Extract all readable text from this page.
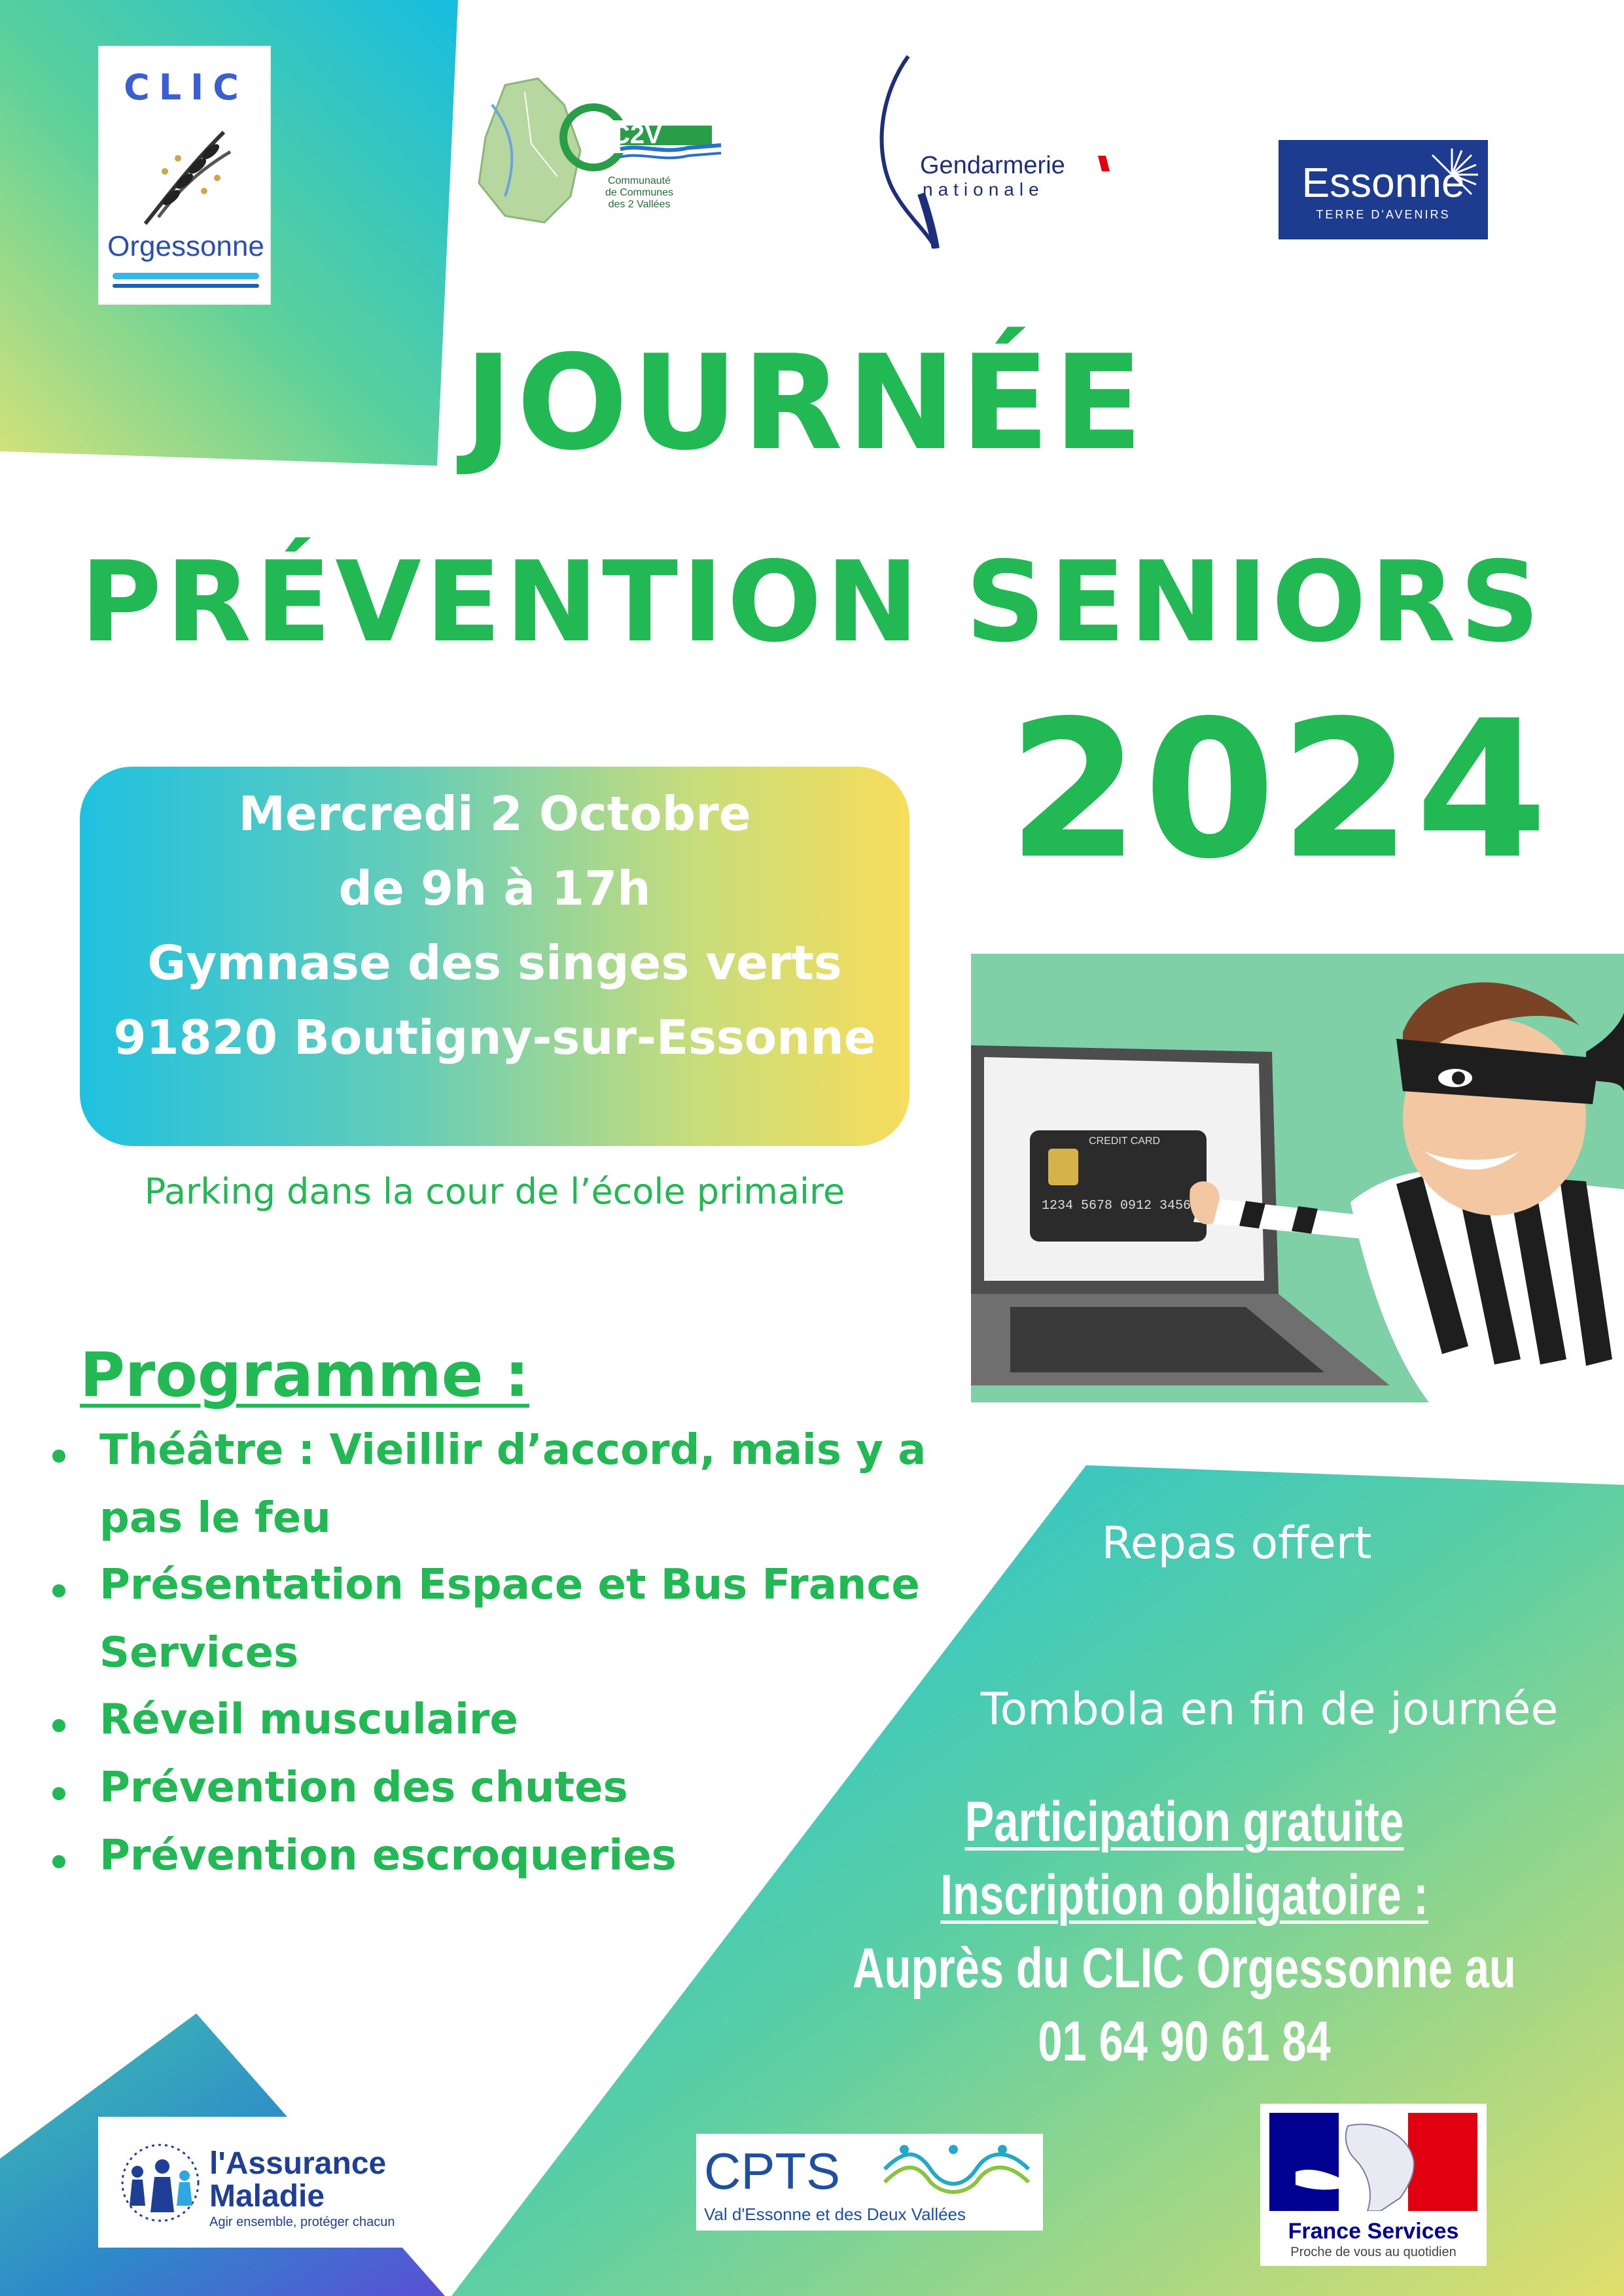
CLIC
Orgessonne
C2V
Communauté
de Communes
des 2 Vallées
Gendarmerie
nationale	Essonne
TERRE D'AVENIRS
JOURNÉE
PRÉVENTION SENIORS
2024
Mercredi 2 Octobre
de 9h à 17h
Gymnase des singes verts
91820 Boutigny-sur-Essonne
Parking dans la cour de l’école primaire
CREDIT CARD
1234 5678 0912 3456
Programme :
Théâtre : Vieillir d’accord, mais y a
pas le feu
Présentation Espace et Bus France
Services
Réveil musculaire
Prévention des chutes
Prévention escroqueries
Repas offert
Tombola en fin de journée
Participation gratuite
Inscription obligatoire :
Auprès du CLIC Orgessonne au
01 64 90 61 84
l'Assurance
Maladie
Agir ensemble, protéger chacun
CPTS
Val d'Essonne et des Deux Vallées
France Services
Proche de vous au quotidien
